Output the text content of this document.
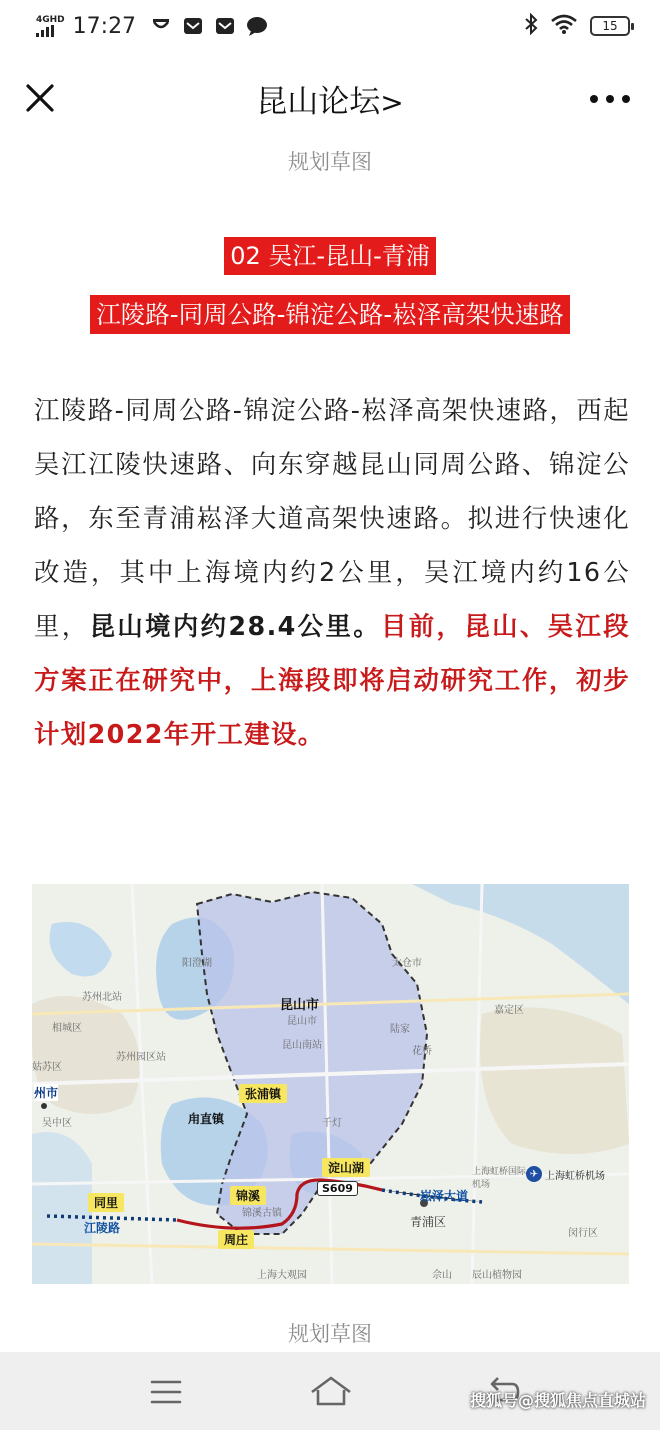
4GHD 17:27	15
昆山论坛>
规划草图
02 吴江-昆山-青浦
江陵路-同周公路-锦淀公路-崧泽高架快速路
江陵路-同周公路-锦淀公路-崧泽高架快速路，西起吴江江陵快速路、向东穿越昆山同周公路、锦淀公路，东至青浦崧泽大道高架快速路。拟进行快速化改造，其中上海境内约2公里，吴江境内约16公里，昆山境内约28.4公里。目前，昆山、吴江段方案正在研究中，上海段即将启动研究工作，初步计划2022年开工建设。
昆山市
昆山市
州市
太仓市
嘉定区
吴中区
苏州北站
苏州园区站
相城区
姑苏区
昆山南站
花桥
陆家
阳澄湖
锦溪古镇
上海大观园	佘山 辰山植物园
千灯
青浦区
闵行区
张浦镇
甪直镇
淀山湖
锦溪
同里
周庄
江陵路
崧泽大道
S609
✈ 上海虹桥机场
上海虹桥国际机场
规划草图
搜狐号@搜狐焦点直城站
